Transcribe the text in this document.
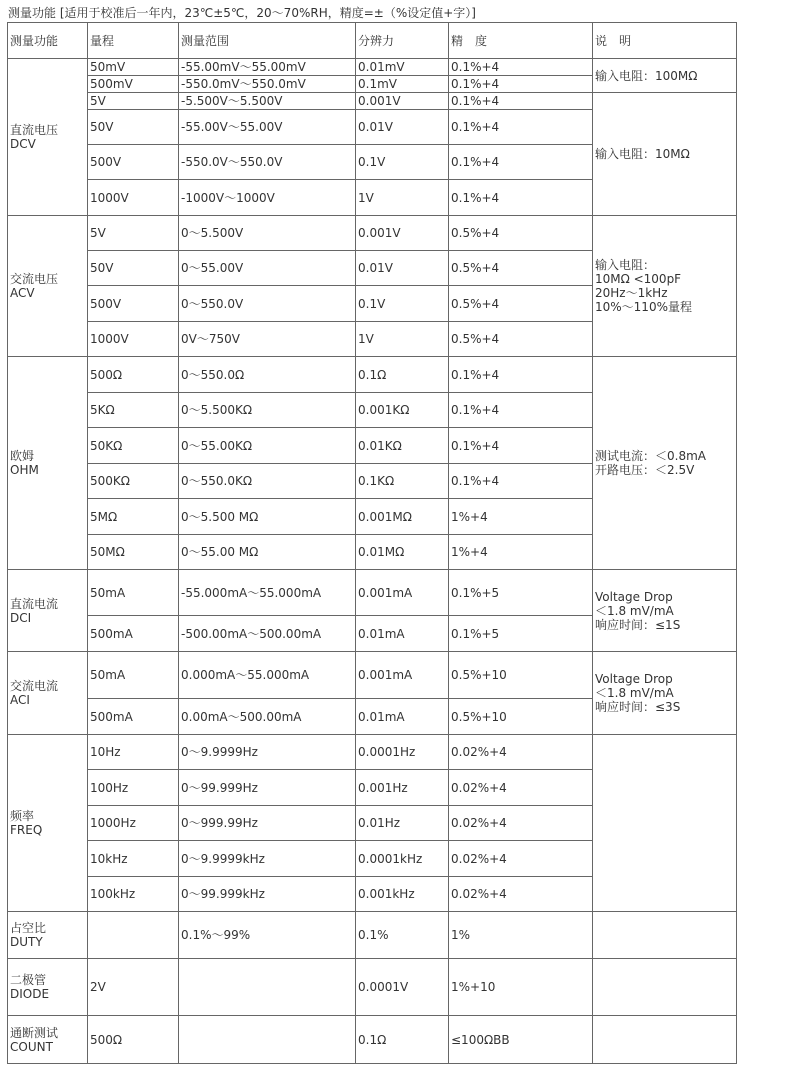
测量功能 [适用于校准后一年内，23℃±5℃，20～70%RH，精度=±（%设定值+字）]
测量功能	量程	测量范围	分辨力	精　度	说　明

直流电压
DCV	50mV	-55.00mV～55.00mV	0.01mV	0.1%+4	输入电阻：100MΩ
	500mV	-550.0mV～550.0mV	0.1mV	0.1%+4	
	5V	-5.500V～5.500V	0.001V	0.1%+4	输入电阻：10MΩ
	50V	-55.00V～55.00V	0.01V	0.1%+4	
	500V	-550.0V～550.0V	0.1V	0.1%+4	
	1000V	-1000V～1000V	1V	0.1%+4	

交流电压
ACV	5V	0～5.500V	0.001V	0.5%+4	输入电阻：
10MΩ <100pF
20Hz～1kHz
10%～110%量程

	50V	0～55.00V	0.01V	0.5%+4	
	500V	0～550.0V	0.1V	0.5%+4	
	1000V	0V～750V	1V	0.5%+4	

欧姆
OHM	500Ω	0～550.0Ω	0.1Ω	0.1%+4	测试电流：＜0.8mA
开路电压：＜2.5V

	5KΩ	0～5.500KΩ	0.001KΩ	0.1%+4	
	50KΩ	0～55.00KΩ	0.01KΩ	0.1%+4	
	500KΩ	0～550.0KΩ	0.1KΩ	0.1%+4	
	5MΩ	0～5.500 MΩ	0.001MΩ	1%+4	
	50MΩ	0～55.00 MΩ	0.01MΩ	1%+4	

直流电流
DCI	50mA	-55.000mA～55.000mA	0.001mA	0.1%+5	Voltage Drop
＜1.8 mV/mA
响应时间：≤1S

	500mA	-500.00mA～500.00mA	0.01mA	0.1%+5	

交流电流
ACI	50mA	0.000mA～55.000mA	0.001mA	0.5%+10	Voltage Drop
＜1.8 mV/mA
响应时间：≤3S

	500mA	0.00mA～500.00mA	0.01mA	0.5%+10	

频率
FREQ	10Hz	0～9.9999Hz	0.0001Hz	0.02%+4	
	100Hz	0～99.999Hz	0.001Hz	0.02%+4	
	1000Hz	0～999.99Hz	0.01Hz	0.02%+4	
	10kHz	0～9.9999kHz	0.0001kHz	0.02%+4	
	100kHz	0～99.999kHz	0.001kHz	0.02%+4	

占空比
DUTY		0.1%～99%	0.1%	1%	

二极管
DIODE	2V		0.0001V	1%+10	

通断测试
COUNT	500Ω		0.1Ω	≤100ΩBB	
